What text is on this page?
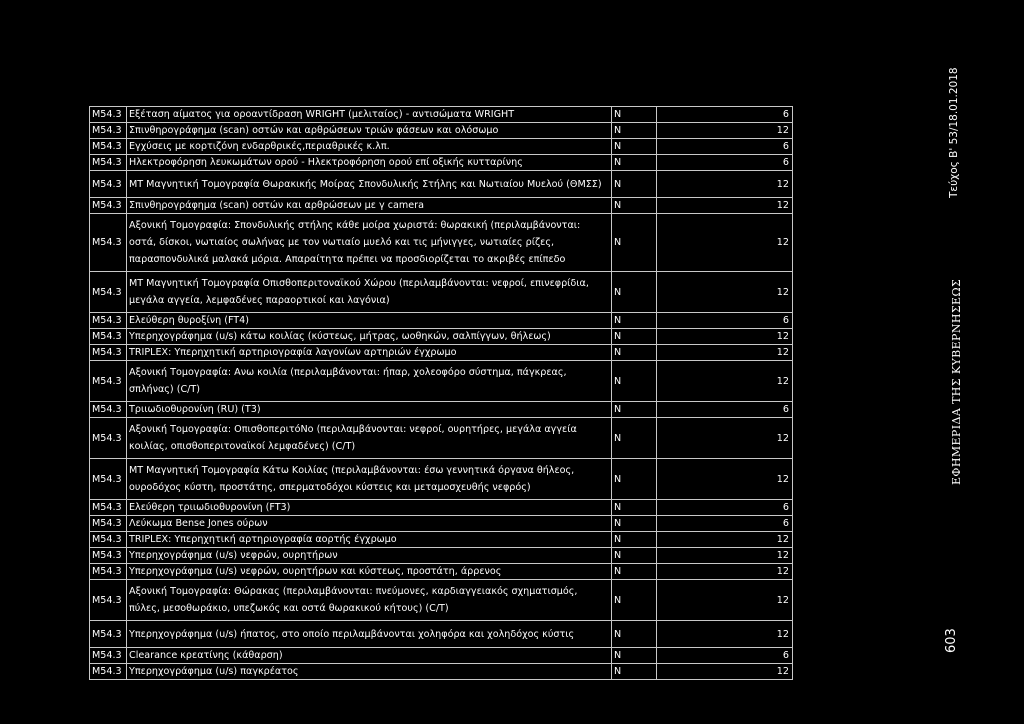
M54.3	Εξέταση αίματος για οροαντίδραση WRIGHT (μελιταίος) - αντισώματα WRIGHT	N	6
M54.3	Σπινθηρογράφημα (scan) οστών και αρθρώσεων τριών φάσεων και ολόσωμο	N	12
M54.3	Εγχύσεις με κορτιζόνη ενδαρθρικές,περιαθρικές κ.λπ.	N	6
M54.3	Ηλεκτροφόρηση λευκωμάτων ορού - Ηλεκτροφόρηση ορού επί οξικής κυτταρίνης	N	6
M54.3	ΜΤ Μαγνητική Τομογραφία Θωρακικής Μοίρας Σπονδυλικής Στήλης και Νωτιαίου Μυελού (ΘΜΣΣ)	N	12
M54.3	Σπινθηρογράφημα (scan) οστών και αρθρώσεων με γ camera	N	12
M54.3	Αξονική Τομογραφία: Σπονδυλικής στήλης κάθε μοίρα χωριστά: θωρακική (περιλαμβάνονται: οστά, δίσκοι, νωτιαίος σωλήνας με τον νωτιαίο μυελό και τις μήνιγγες, νωτιαίες ρίζες, παρασπονδυλικά μαλακά μόρια. Απαραίτητα πρέπει να προσδιορίζεται το ακριβές επίπεδο	N	12
M54.3	ΜΤ Μαγνητική Τομογραφία Οπισθοπεριτοναϊκού Χώρου (περιλαμβάνονται: νεφροί, επινεφρίδια, μεγάλα αγγεία, λεμφαδένες παραορτικοί και λαγόνια)	N	12
M54.3	Ελεύθερη θυροξίνη (FT4)	N	6
M54.3	Υπερηχογράφημα (u/s) κάτω κοιλίας (κύστεως, μήτρας, ωοθηκών, σαλπίγγων, θήλεως)	N	12
M54.3	TRIPLEX: Υπερηχητική αρτηριογραφία λαγονίων αρτηριών έγχρωμο	N	12
M54.3	Αξονική Τομογραφία: Ανω κοιλία (περιλαμβάνονται: ήπαρ, χολεοφόρο σύστημα, πάγκρεας, σπλήνας) (C/T)	N	12
M54.3	Τριιωδιοθυρονίνη (RU) (T3)	N	6
M54.3	Αξονική Τομογραφία: ΟπισθοπεριτόΝο (περιλαμβάνονται: νεφροί, ουρητήρες, μεγάλα αγγεία κοιλίας, οπισθοπεριτοναϊκοί λεμφαδένες) (C/T)	N	12
M54.3	ΜΤ Μαγνητική Τομογραφία Κάτω Κοιλίας (περιλαμβάνονται: έσω γεννητικά όργανα θήλεος, ουροδόχος κύστη, προστάτης, σπερματοδόχοι κύστεις και μεταμοσχευθής νεφρός)	N	12
M54.3	Ελεύθερη τριιωδιοθυρονίνη (FT3)	N	6
M54.3	Λεύκωμα Bense Jones ούρων	N	6
M54.3	TRIPLEX: Υπερηχητική αρτηριογραφία αορτής έγχρωμο	N	12
M54.3	Υπερηχογράφημα (u/s) νεφρών, ουρητήρων	N	12
M54.3	Υπερηχογράφημα (u/s) νεφρών, ουρητήρων και κύστεως, προστάτη, άρρενος	N	12
M54.3	Αξονική Τομογραφία: Θώρακας (περιλαμβάνονται: πνεύμονες, καρδιαγγειακός σχηματισμός, πύλες, μεσοθωράκιο, υπεζωκός και οστά θωρακικού κήτους) (C/T)	N	12
M54.3	Υπερηχογράφημα (u/s) ήπατος, στο οποίο περιλαμβάνονται χοληφόρα και χοληδόχος κύστις	N	12
M54.3	Clearance κρεατίνης (κάθαρση)	N	6
M54.3	Υπερηχογράφημα (u/s) παγκρέατος	N	12
Τεύχος Β' 53/18.01.2018
ΕΦΗΜΕΡΙΔΑ ΤΗΣ ΚΥΒΕΡΝΗΣΕΩΣ
603
